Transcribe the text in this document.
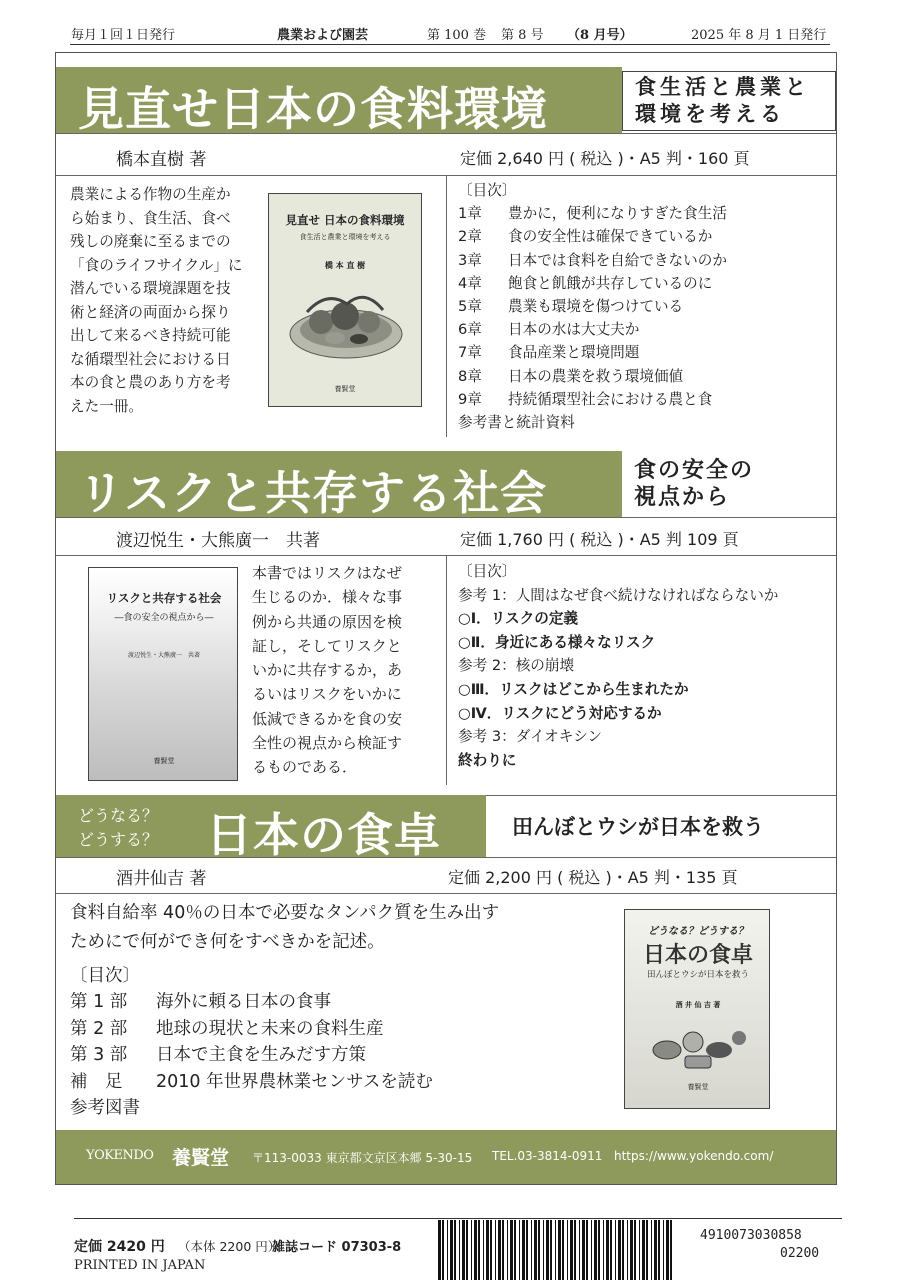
毎月１回１日発行	農業および園芸	第 100 巻 第 8 号 （8 月号）	2025 年 8 月 1 日発行
見直せ日本の食料環境	食生活と農業と
環境を考える
橋本直樹 著	定価 2,640 円 ( 税込 )・A5 判・160 頁
農業による作物の生産か
ら始まり、食生活、食べ
残しの廃棄に至るまでの
「食のライフサイクル」に
潜んでいる環境課題を技
術と経済の両面から探り
出して来るべき持続可能
な循環型社会における日
本の食と農のあり方を考
えた一冊。
見直せ 日本の食料環境
食生活と農業と環境を考える
橋 本 直 樹
養賢堂
〔目次〕
1章 豊かに，便利になりすぎた食生活
2章 食の安全性は確保できているか
3章 日本では食料を自給できないのか
4章 飽食と飢餓が共存しているのに
5章 農業も環境を傷つけている
6章 日本の水は大丈夫か
7章 食品産業と環境問題
8章 日本の農業を救う環境価値
9章 持続循環型社会における農と食
参考書と統計資料
リスクと共存する社会	食の安全の
視点から
渡辺悦生・大熊廣一　共著	定価 1,760 円 ( 税込 )・A5 判 109 頁
リスクと共存する社会
―食の安全の視点から―
渡辺悦生・大熊廣一　共著
養賢堂
本書ではリスクはなぜ
生じるのか．様々な事
例から共通の原因を検
証し，そしてリスクと
いかに共存するか，あ
るいはリスクをいかに
低減できるかを食の安
全性の視点から検証す
るものである．
〔目次〕
参考 1：人間はなぜ食べ続けなければならないか
○Ⅰ．リスクの定義
○Ⅱ．身近にある様々なリスク
参考 2：核の崩壊
○Ⅲ．リスクはどこから生まれたか
○Ⅳ．リスクにどう対応するか
参考 3：ダイオキシン
終わりに
どうなる？
どうする？ 日本の食卓	田んぼとウシが日本を救う
酒井仙吉 著	定価 2,200 円 ( 税込 )・A5 判・135 頁
食料自給率 40％の日本で必要なタンパク質を生み出す
ためにで何ができ何をすべきかを記述。
〔目次〕
第 1 部 海外に頼る日本の食事
第 2 部 地球の現状と未来の食料生産
第 3 部 日本で主食を生みだす方策
補　足 2010 年世界農林業センサスを読む
参考図書
どうなる？どうする？
日本の食卓
田んぼとウシが日本を救う
酒 井 仙 吉 著
養賢堂
YOKENDO 養賢堂 〒113-0033 東京都文京区本郷 5-30-15 TEL.03-3814-0911 https://www.yokendo.com/
定価 2420 円 （本体 2200 円）
雑誌コード 07303-8
PRINTED IN JAPAN
4910073030858
02200
